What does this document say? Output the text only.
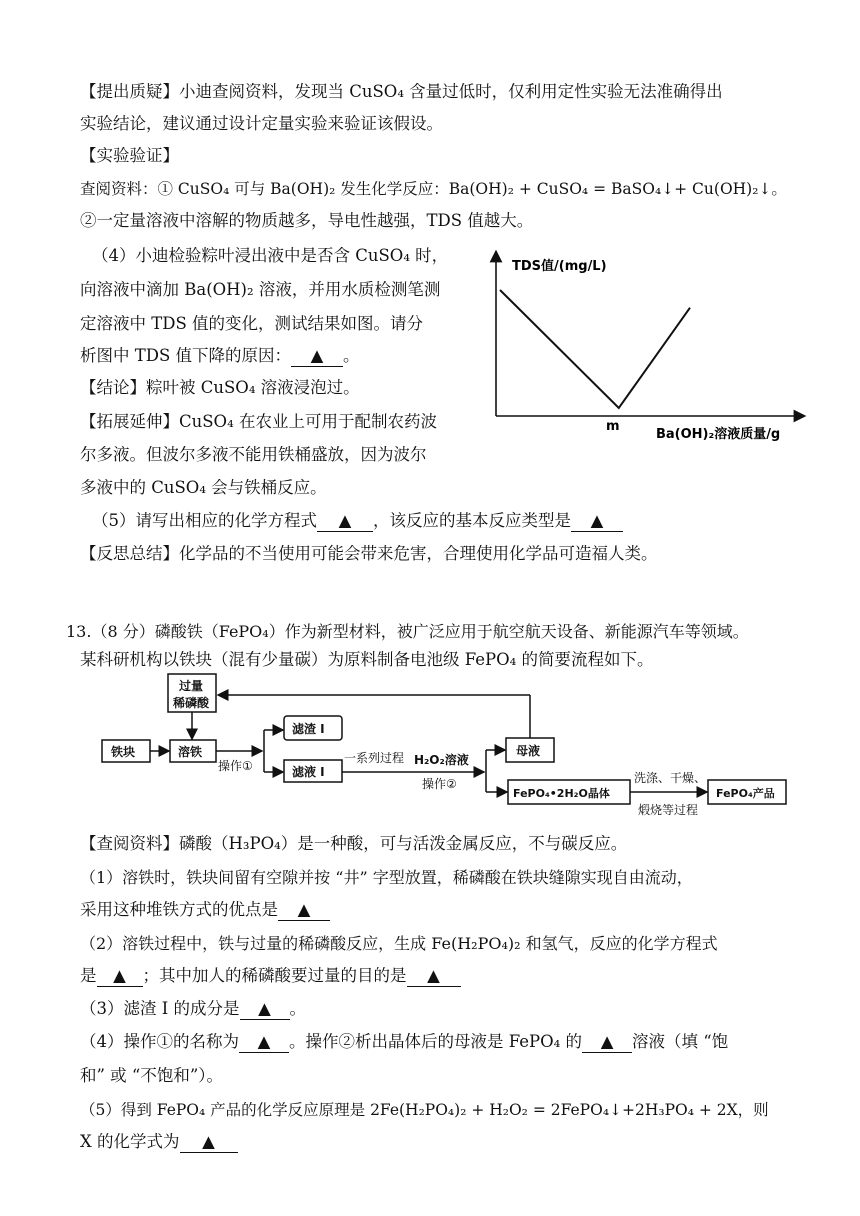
【提出质疑】小迪查阅资料，发现当 CuSO₄ 含量过低时，仅利用定性实验无法准确得出
实验结论，建议通过设计定量实验来验证该假设。
【实验验证】
查阅资料：① CuSO₄ 可与 Ba(OH)₂ 发生化学反应：Ba(OH)₂ + CuSO₄ = BaSO₄↓+ Cu(OH)₂↓。
②一定量溶液中溶解的物质越多，导电性越强，TDS 值越大。
（4）小迪检验粽叶浸出液中是否含 CuSO₄ 时，
向溶液中滴加 Ba(OH)₂ 溶液，并用水质检测笔测
定溶液中 TDS 值的变化，测试结果如图。请分
析图中 TDS 值下降的原因： ▲ 。
【结论】粽叶被 CuSO₄ 溶液浸泡过。
【拓展延伸】CuSO₄ 在农业上可用于配制农药波
尔多液。但波尔多液不能用铁桶盛放，因为波尔
多液中的 CuSO₄ 会与铁桶反应。
（5）请写出相应的化学方程式 ▲ ，该反应的基本反应类型是 ▲
【反思总结】化学品的不当使用可能会带来危害，合理使用化学品可造福人类。
TDS值/(mg/L)
Ba(OH)₂溶液质量/g
m
13.（8 分）磷酸铁（FePO₄）作为新型材料，被广泛应用于航空航天设备、新能源汽车等领域。
某科研机构以铁块（混有少量碳）为原料制备电池级 FePO₄ 的简要流程如下。
过量
稀磷酸
铁块	溶铁
操作①
滤渣 I
滤液 I
一系列过程 H₂O₂溶液
操作②
母液
FePO₄•2H₂O晶体
洗涤、干燥、
煅烧等过程
FePO₄产品
【查阅资料】磷酸（H₃PO₄）是一种酸，可与活泼金属反应，不与碳反应。
（1）溶铁时，铁块间留有空隙并按 “井” 字型放置，稀磷酸在铁块缝隙实现自由流动，
采用这种堆铁方式的优点是 ▲
（2）溶铁过程中，铁与过量的稀磷酸反应，生成 Fe(H₂PO₄)₂ 和氢气，反应的化学方程式
是 ▲ ；其中加人的稀磷酸要过量的目的是 ▲
（3）滤渣 I 的成分是 ▲ 。
（4）操作①的名称为 ▲ 。操作②析出晶体后的母液是 FePO₄ 的 ▲ 溶液（填 “饱
和” 或 “不饱和”）。
（5）得到 FePO₄ 产品的化学反应原理是 2Fe(H₂PO₄)₂ + H₂O₂ = 2FePO₄↓+2H₃PO₄ + 2X，则
X 的化学式为 ▲
